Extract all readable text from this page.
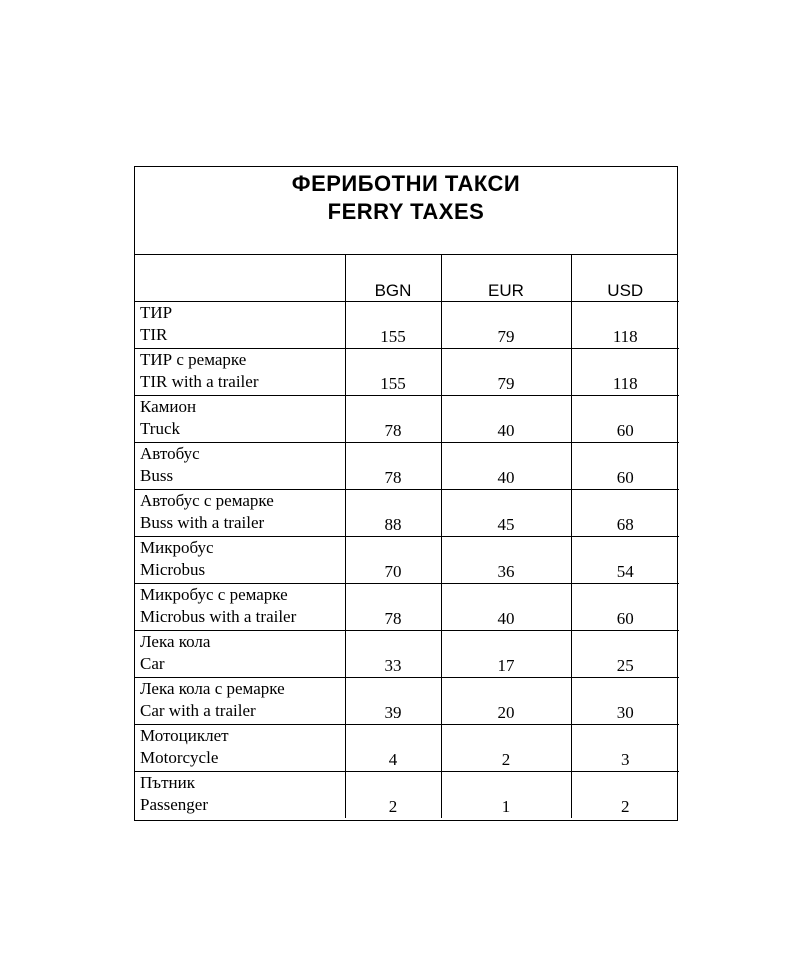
ФЕРИБОТНИ ТАКСИ
FERRY TAXES
	BGN	EUR	USD

ТИР
TIR	155	79	118

ТИР с ремарке
TIR with a trailer	155	79	118

Камион
Truck	78	40	60

Автобус
Buss	78	40	60

Автобус с ремарке
Buss with a trailer	88	45	68

Микробус
Microbus	70	36	54

Микробус с ремарке
Microbus with a trailer	78	40	60

Лека кола
Car	33	17	25

Лека кола с ремарке
Car with a trailer	39	20	30

Мотоциклет
Motorcycle	4	2	3

Пътник
Passenger	2	1	2
